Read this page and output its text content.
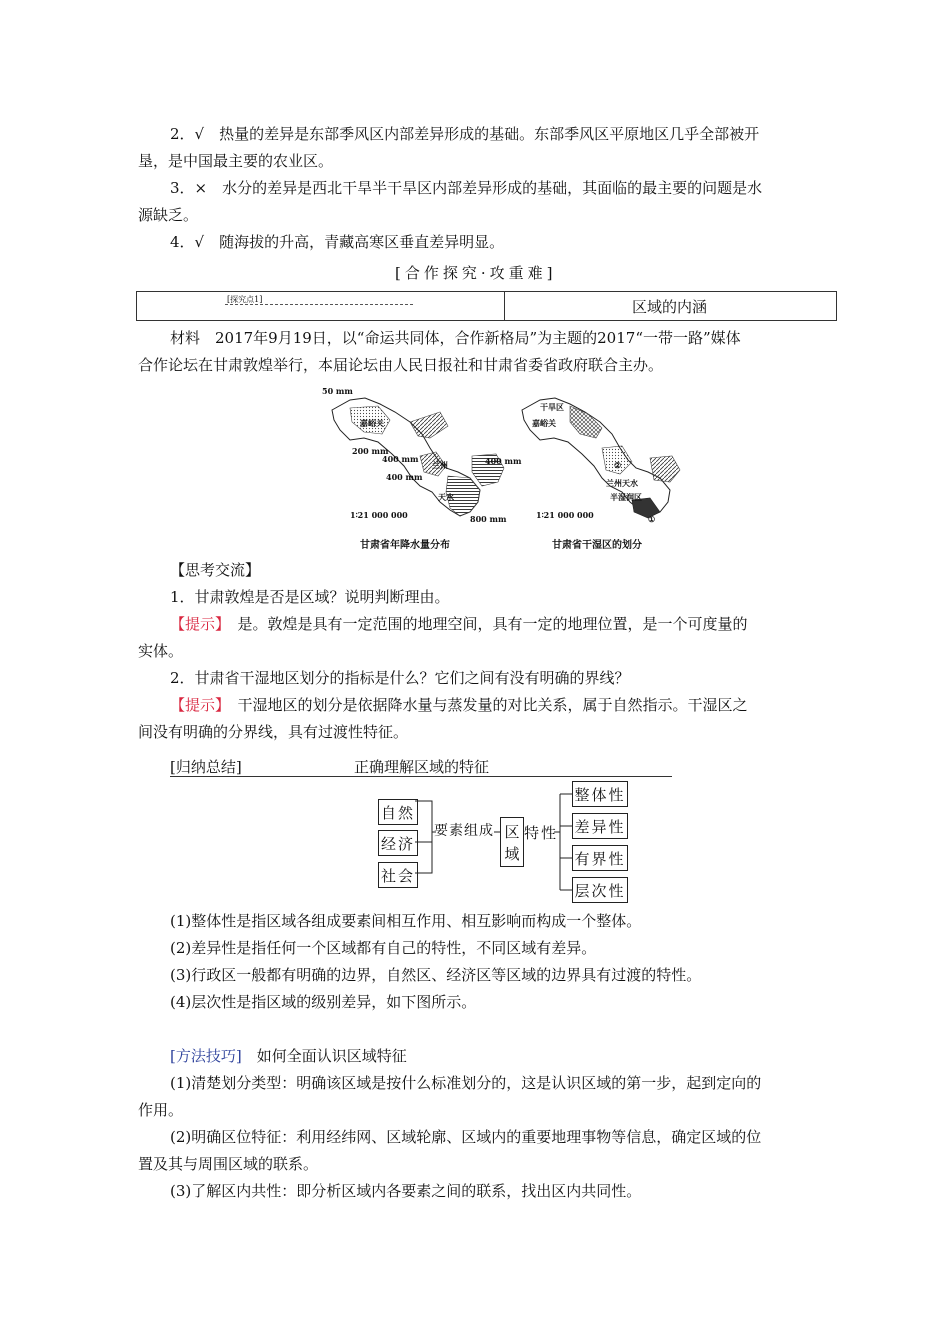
2．√　热量的差异是东部季风区内部差异形成的基础。东部季风区平原地区几乎全部被开
垦，是中国最主要的农业区。
3．×　水分的差异是西北干旱半干旱区内部差异形成的基础，其面临的最主要的问题是水
源缺乏。
4．√　随海拔的升高，青藏高寒区垂直差异明显。
[合作探究·攻重难]
[探究点1]	区域的内涵
材料　2017年9月19日，以“命运共同体，合作新格局”为主题的2017“一带一路”媒体
合作论坛在甘肃敦煌举行，本届论坛由人民日报社和甘肃省委省政府联合主办。
50 mm
嘉峪关
200 mm
400 mm
400 mm
400 mm
兰州
天水
800 mm
1∶21 000 000
干旱区
嘉峪关
②
兰州天水
半湿润区
①
1∶21 000 000
甘肃省年降水量分布	甘肃省干湿区的划分
【思考交流】
1．甘肃敦煌是否是区域？说明判断理由。
【提示】　 是。敦煌是具有一定范围的地理空间，具有一定的地理位置，是一个可度量的
实体。
2．甘肃省干湿地区划分的指标是什么？它们之间有没有明确的界线？
【提示】　 干湿地区的划分是依据降水量与蒸发量的对比关系，属于自然指示。干湿区之
间没有明确的分界线，具有过渡性特征。
[归纳总结]	正确理解区域的特征
自然
经济
社会
要素组成 区域
特性
整体性
差异性
有界性
层次性
(1)整体性是指区域各组成要素间相互作用、相互影响而构成一个整体。
(2)差异性是指任何一个区域都有自己的特性，不同区域有差异。
(3)行政区一般都有明确的边界，自然区、经济区等区域的边界具有过渡的特性。
(4)层次性是指区域的级别差异，如下图所示。
[方法技巧]　 如何全面认识区域特征
(1)清楚划分类型：明确该区域是按什么标准划分的，这是认识区域的第一步，起到定向的
作用。
(2)明确区位特征：利用经纬网、区域轮廓、区域内的重要地理事物等信息，确定区域的位
置及其与周围区域的联系。
(3)了解区内共性：即分析区域内各要素之间的联系，找出区内共同性。
